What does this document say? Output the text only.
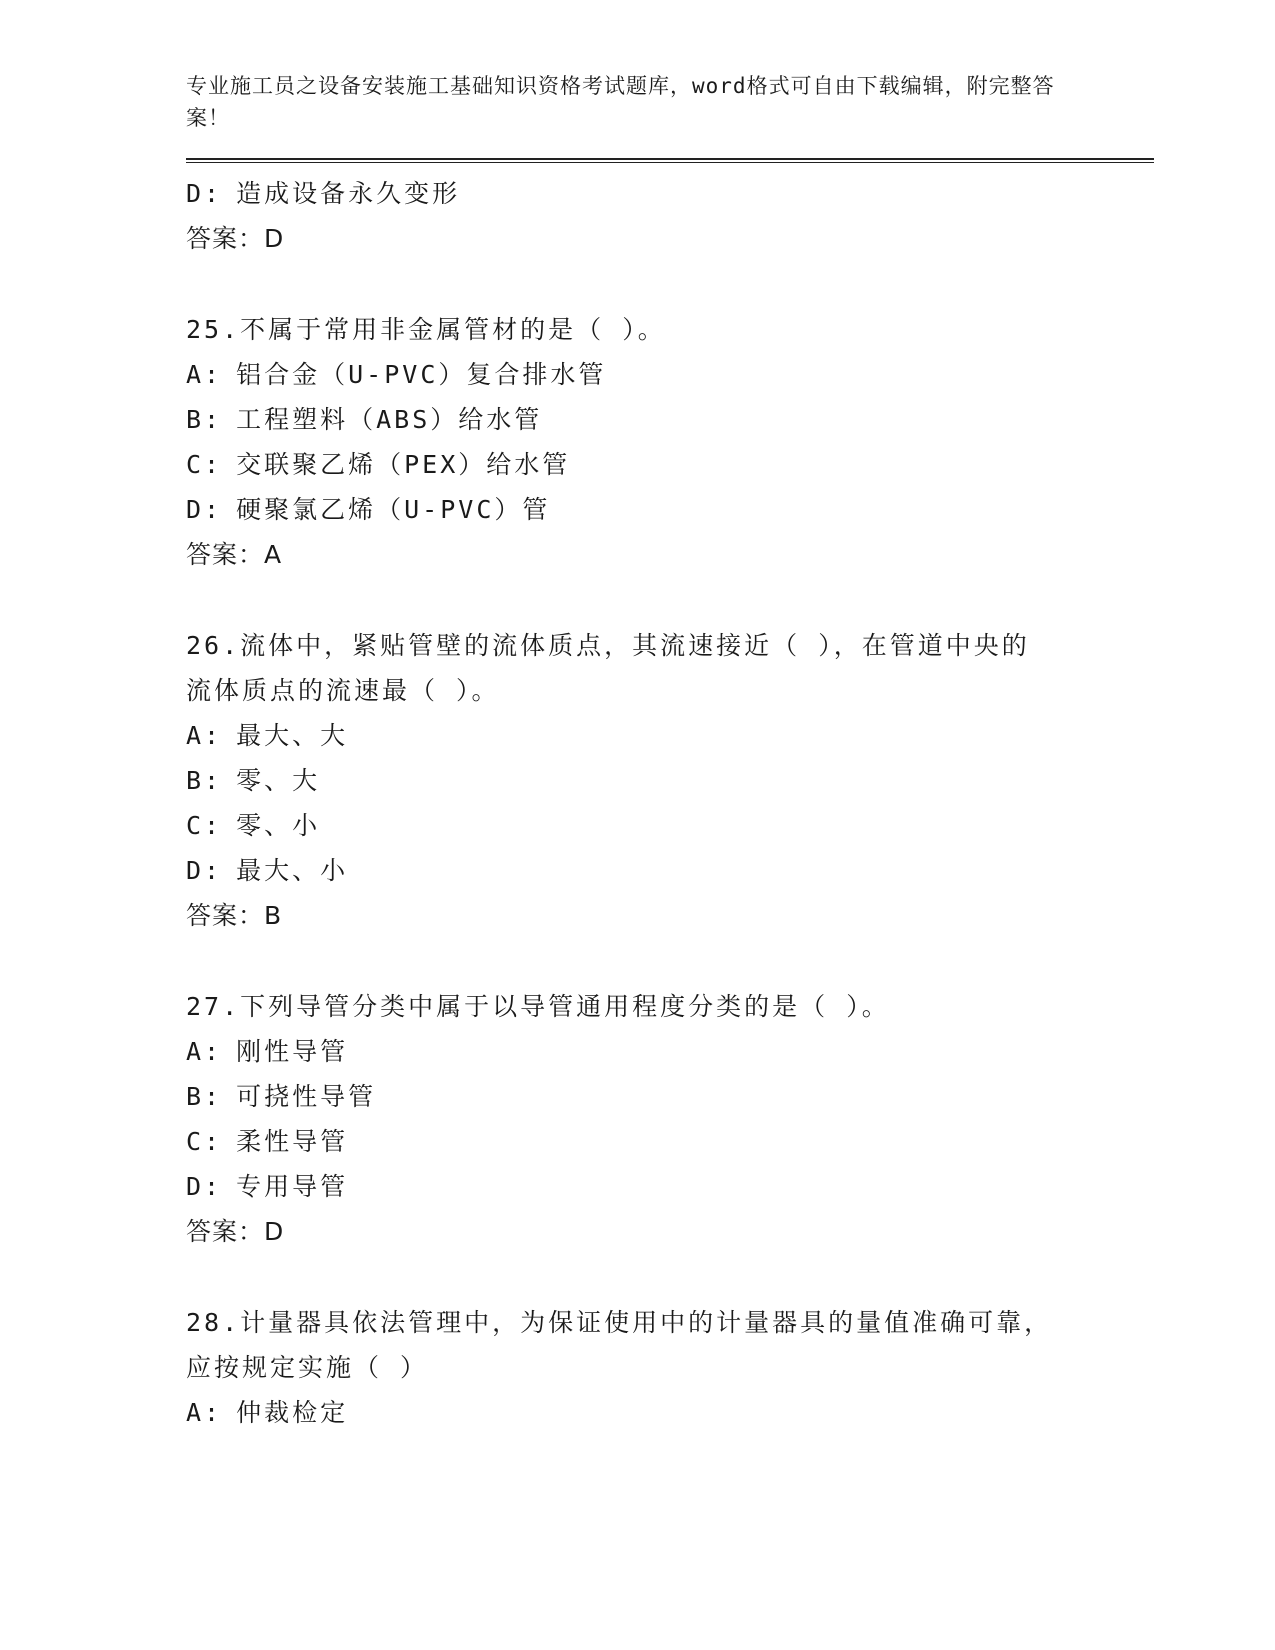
专业施工员之设备安装施工基础知识资格考试题库，word格式可自由下载编辑，附完整答案！
D: 造成设备永久变形
答案：D
25.不属于常用非金属管材的是（ ）。
A: 铝合金（U-PVC）复合排水管
B: 工程塑料（ABS）给水管
C: 交联聚乙烯（PEX）给水管
D: 硬聚氯乙烯（U-PVC）管
答案：A
26.流体中，紧贴管壁的流体质点，其流速接近（ ），在管道中央的流体质点的流速最（ ）。
A: 最大、大
B: 零、大
C: 零、小
D: 最大、小
答案：B
27.下列导管分类中属于以导管通用程度分类的是（ ）。
A: 刚性导管
B: 可挠性导管
C: 柔性导管
D: 专用导管
答案：D
28.计量器具依法管理中，为保证使用中的计量器具的量值准确可靠，应按规定实施（ ）
A: 仲裁检定
